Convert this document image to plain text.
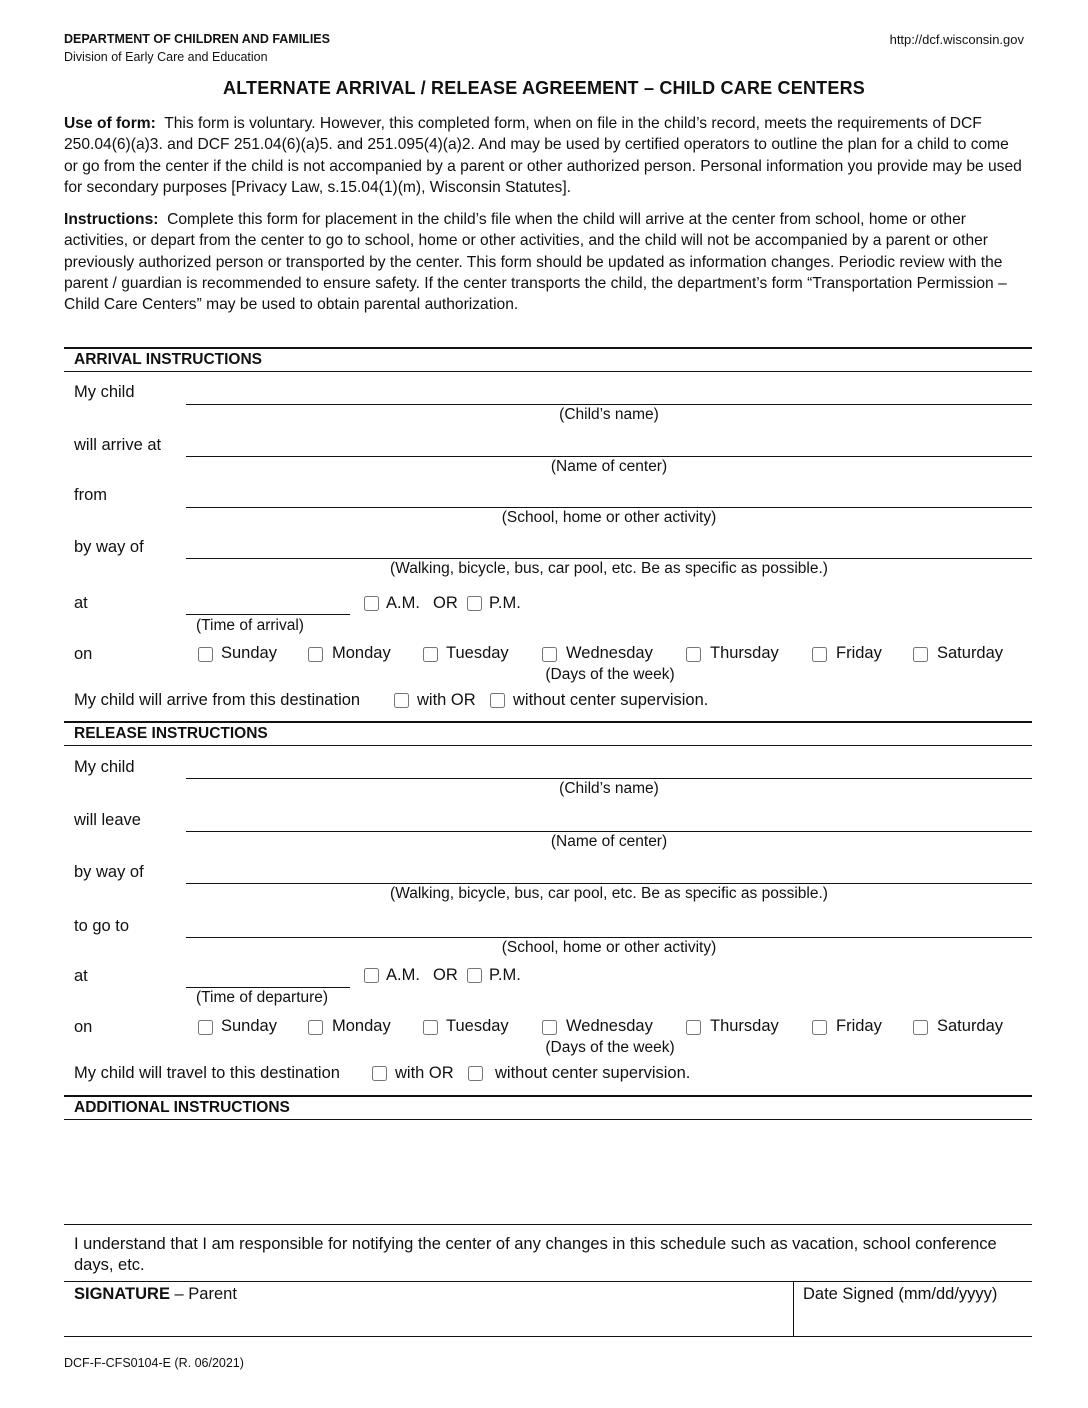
DEPARTMENT OF CHILDREN AND FAMILIES
Division of Early Care and Education
http://dcf.wisconsin.gov
ALTERNATE ARRIVAL / RELEASE AGREEMENT – CHILD CARE CENTERS
Use of form: This form is voluntary. However, this completed form, when on file in the child’s record, meets the requirements of DCF 250.04(6)(a)3. and DCF 251.04(6)(a)5. and 251.095(4)(a)2. And may be used by certified operators to outline the plan for a child to come or go from the center if the child is not accompanied by a parent or other authorized person. Personal information you provide may be used for secondary purposes [Privacy Law, s.15.04(1)(m), Wisconsin Statutes].
Instructions: Complete this form for placement in the child’s file when the child will arrive at the center from school, home or other activities, or depart from the center to go to school, home or other activities, and the child will not be accompanied by a parent or other previously authorized person or transported by the center. This form should be updated as information changes. Periodic review with the parent / guardian is recommended to ensure safety. If the center transports the child, the department’s form “Transportation Permission – Child Care Centers” may be used to obtain parental authorization.
ARRIVAL INSTRUCTIONS
My child
(Child’s name)
will arrive at
(Name of center)
from
(School, home or other activity)
by way of
(Walking, bicycle, bus, car pool, etc. Be as specific as possible.)
at	A.M. OR P.M.
(Time of arrival)
on	Sunday	Monday	Tuesday	Wednesday	Thursday	Friday	Saturday
(Days of the week)
My child will arrive from this destination	with OR without center supervision.
RELEASE INSTRUCTIONS
My child
(Child’s name)
will leave
(Name of center)
by way of
(Walking, bicycle, bus, car pool, etc. Be as specific as possible.)
to go to
(School, home or other activity)
at	A.M. OR P.M.
(Time of departure)
on	Sunday	Monday	Tuesday	Wednesday	Thursday	Friday	Saturday
(Days of the week)
My child will travel to this destination	with OR	without center supervision.
ADDITIONAL INSTRUCTIONS
I understand that I am responsible for notifying the center of any changes in this schedule such as vacation, school conference days, etc.
SIGNATURE – Parent	Date Signed (mm/dd/yyyy)
DCF-F-CFS0104-E (R. 06/2021)
